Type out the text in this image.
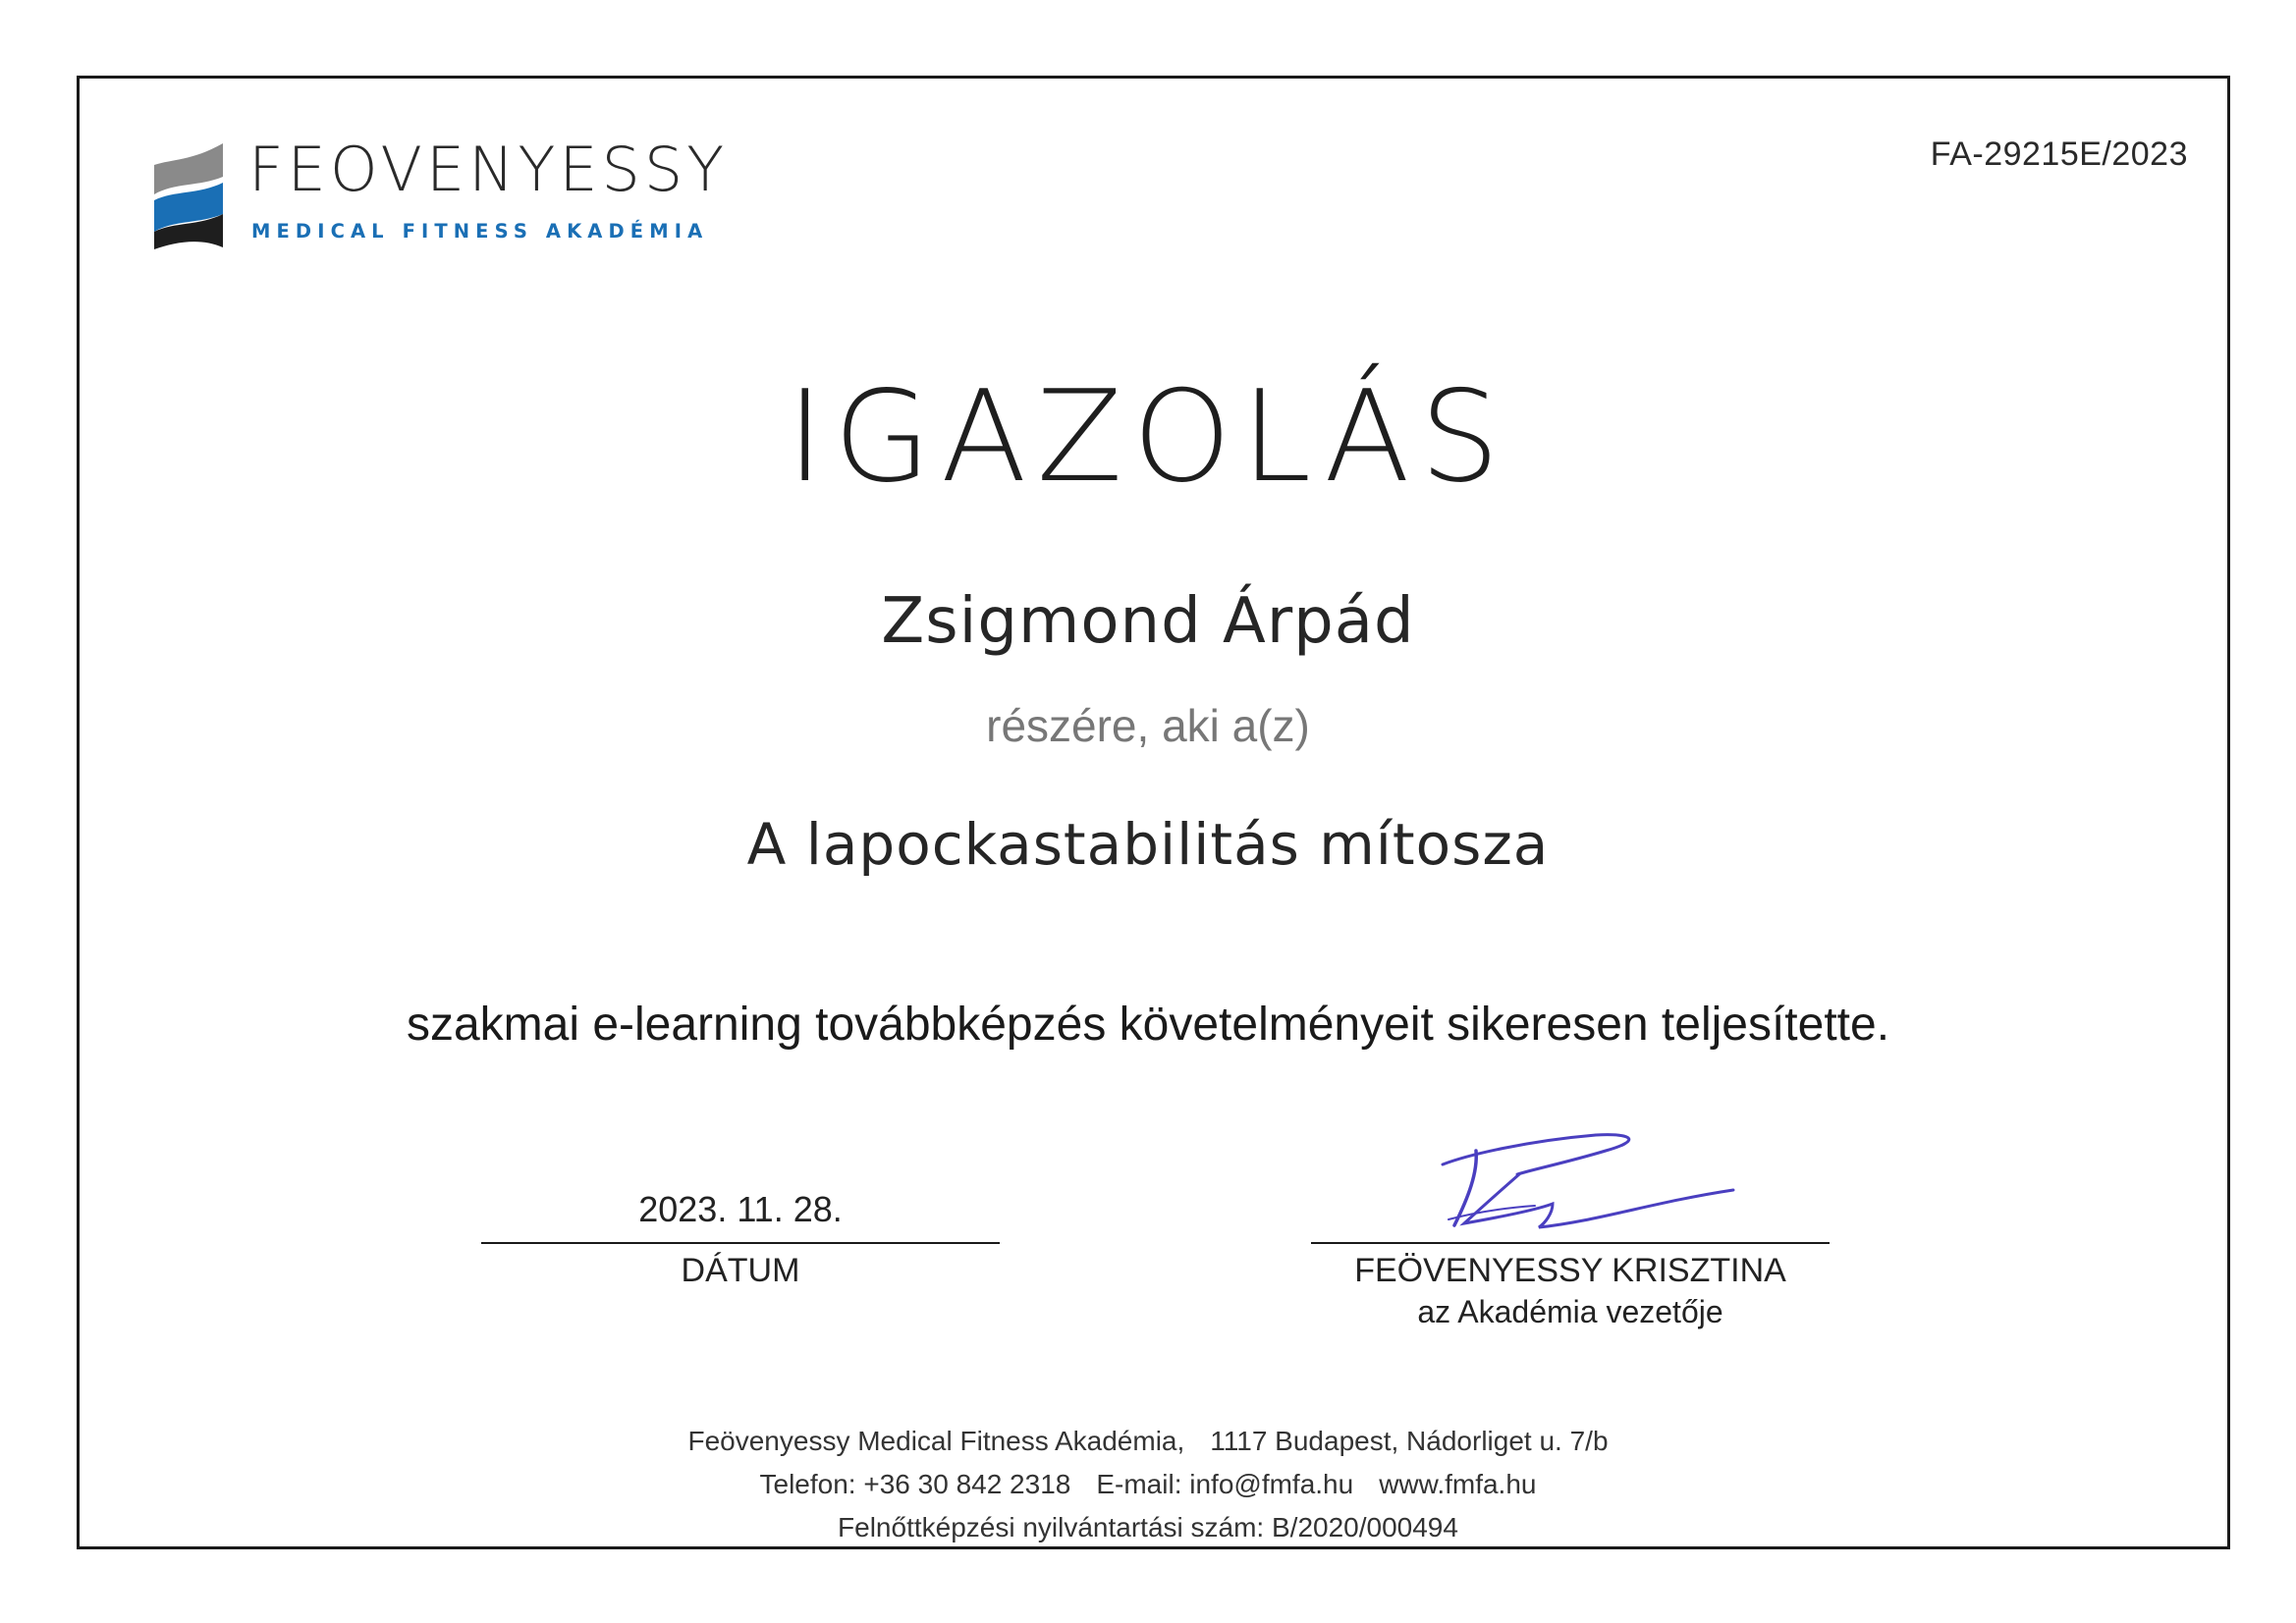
FEOVENYESSY
MEDICAL FITNESS AKADÉMIA
FA-29215E/2023
IGAZOLÁS
Zsigmond Árpád
részére, aki a(z)
A lapockastabilitás mítosza
szakmai e-learning továbbképzés követelményeit sikeresen teljesítette.
2023. 11. 28.
DÁTUM	FEÖVENYESSY KRISZTINA
az Akadémia vezetője
Feövenyessy Medical Fitness Akadémia, 1117 Budapest, Nádorliget u. 7/b
Telefon: +36 30 842 2318 E-mail: info@fmfa.hu www.fmfa.hu
Felnőttképzési nyilvántartási szám: B/2020/000494
